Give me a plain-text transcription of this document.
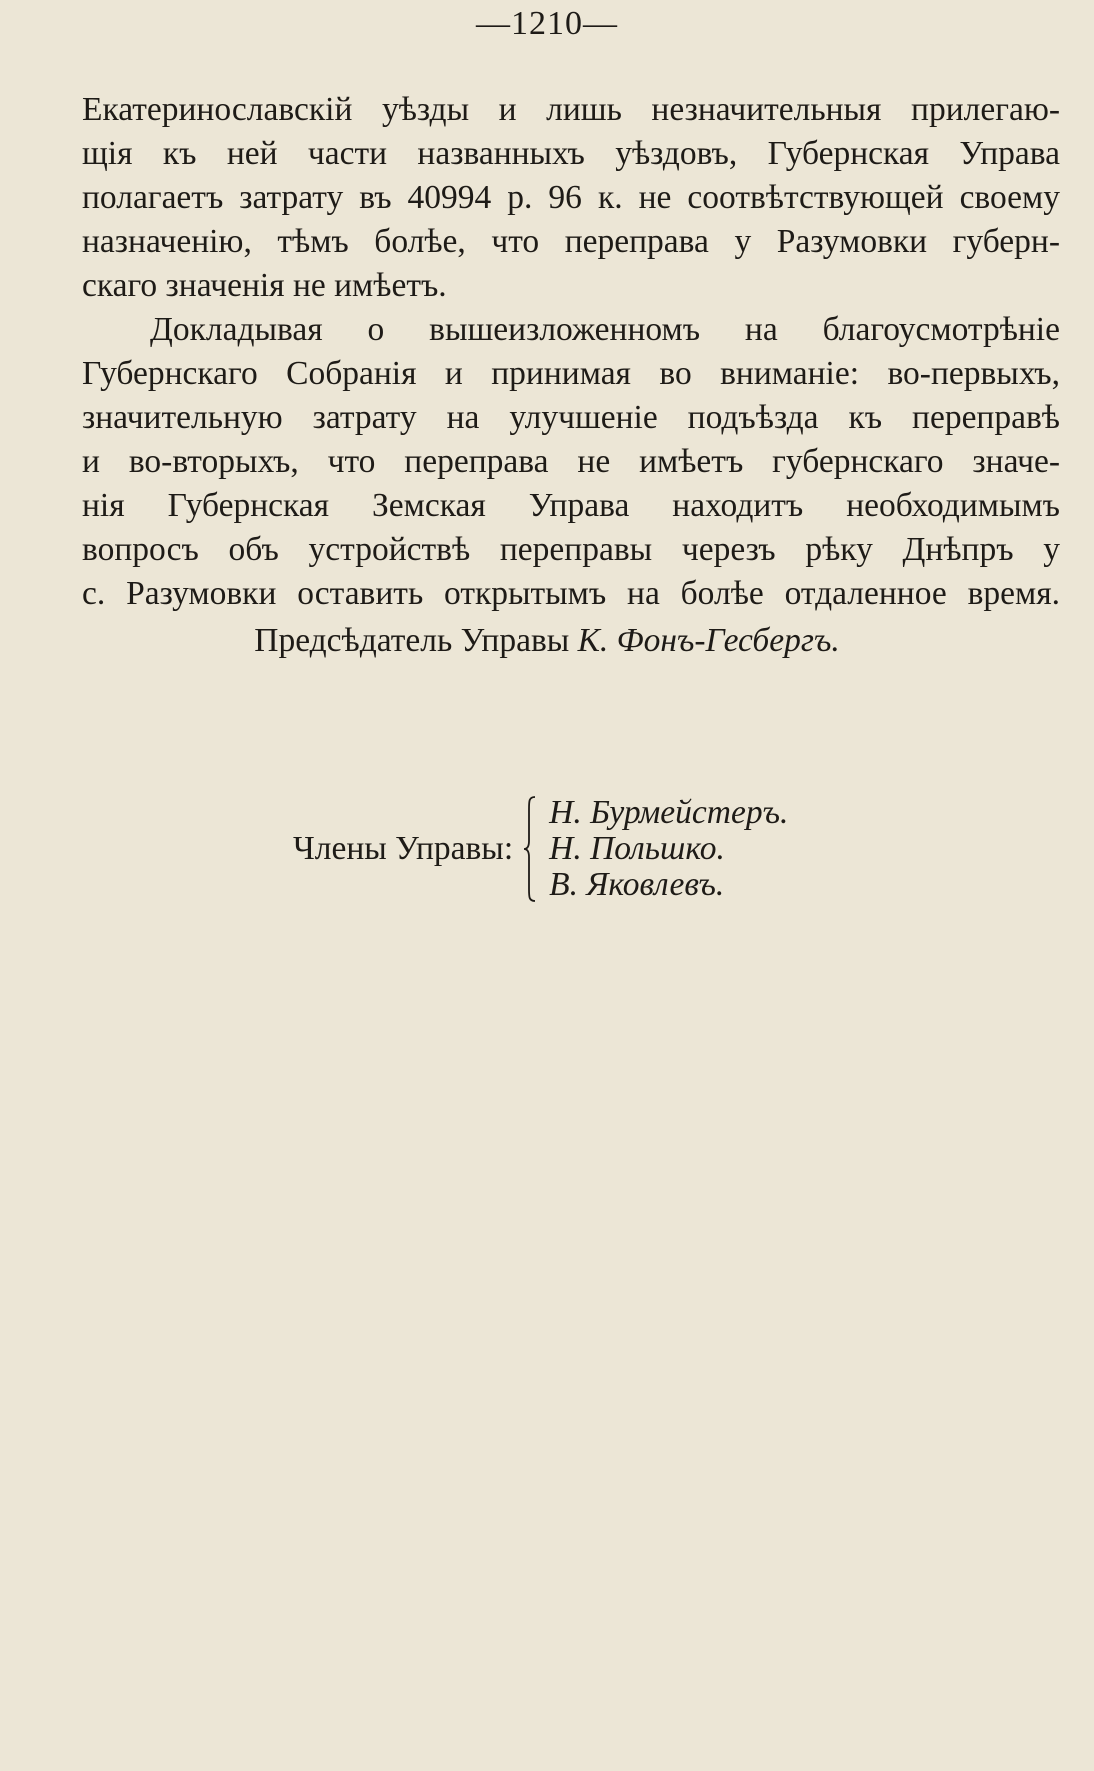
—1210—
Екатеринославскій уѣзды и лишь незначительныя прилегаю-
щія къ ней части названныхъ уѣздовъ, Губернская Управа
полагаетъ затрату въ 40994 р. 96 к. не соотвѣтствующей своему
назначенію, тѣмъ болѣе, что переправа у Разумовки губерн-
скаго значенія не имѣетъ.
Докладывая о вышеизложенномъ на благоусмотрѣніе
Губернскаго Собранія и принимая во вниманіе: во-первыхъ,
значительную затрату на улучшеніе подъѣзда къ переправѣ
и во-вторыхъ, что переправа не имѣетъ губернскаго значе-
нія Губернская Земская Управа находитъ необходимымъ
вопросъ объ устройствѣ переправы черезъ рѣку Днѣпръ у
с. Разумовки оставить открытымъ на болѣе отдаленное время.
Предсѣдатель Управы К. Фонъ-Гесбергъ.
Члены Управы:
Н. Бурмейстеръ.
Н. Польшко.
В. Яковлевъ.
